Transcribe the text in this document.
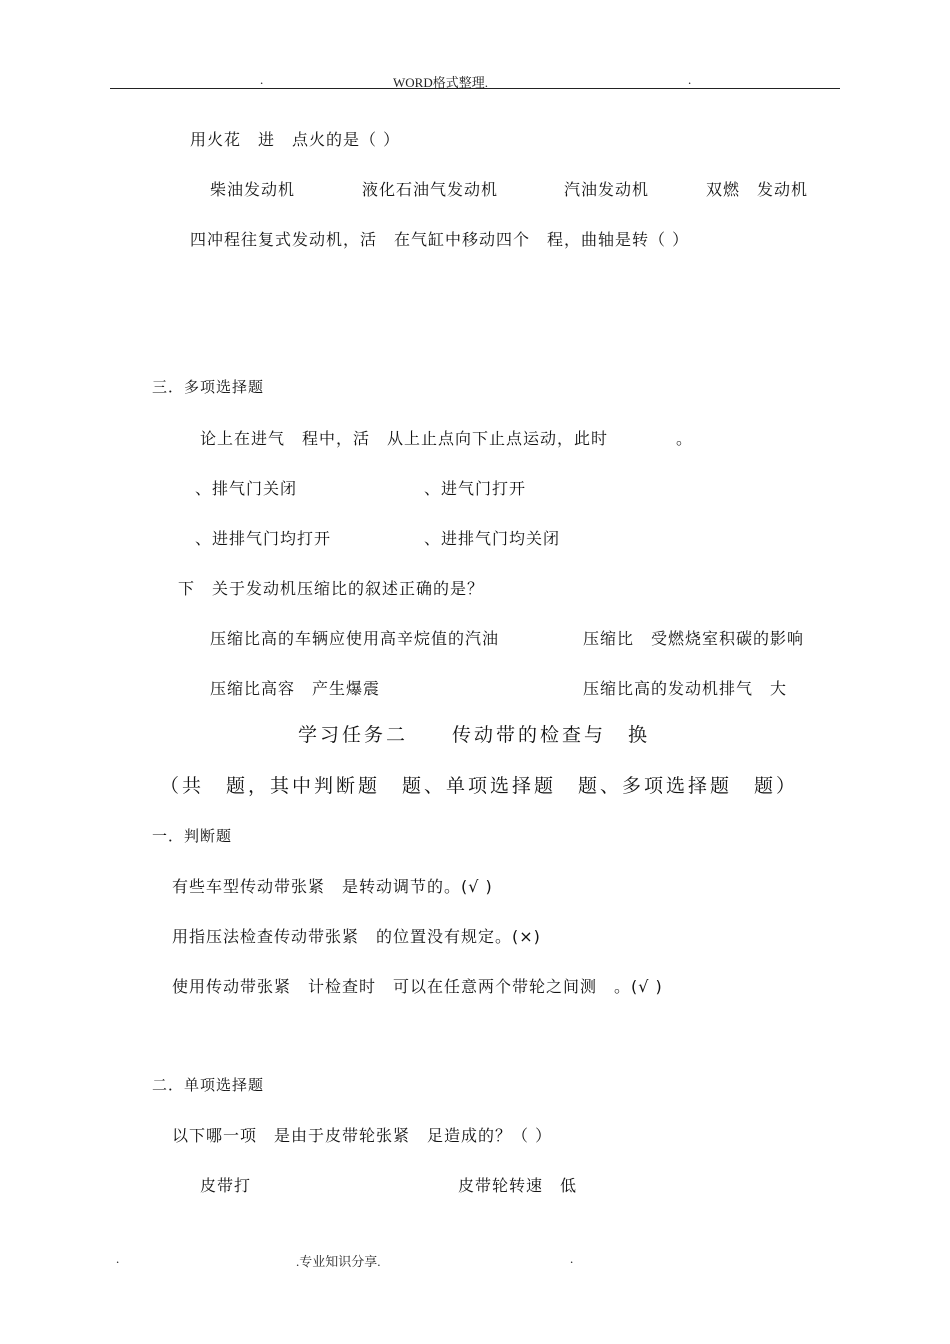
.	WORD格式整理.	.
用火花　进　点火的是（ ）
柴油发动机	液化石油气发动机	汽油发动机	双燃　发动机
四冲程往复式发动机，活　在气缸中移动四个　程，曲轴是转（ ）
三．多项选择题
论上在进气　程中，活　从上止点向下止点运动，此时　　　　。
、排气门关闭	、进气门打开
、进排气门均打开	、进排气门均关闭
下　关于发动机压缩比的叙述正确的是？
压缩比高的车辆应使用高辛烷值的汽油	压缩比　受燃烧室积碳的影响
压缩比高容　产生爆震	压缩比高的发动机排气　大
学习任务二　　传动带的检查与　换
（共　题，其中判断题　题、单项选择题　题、多项选择题　题）
一．判断题
有些车型传动带张紧　是转动调节的。(√ )
用指压法检查传动带张紧　的位置没有规定。(×)
使用传动带张紧　计检查时　可以在任意两个带轮之间测　。(√ )
二．单项选择题
以下哪一项　是由于皮带轮张紧　足造成的？（ ）
皮带打	皮带轮转速　低
.	.专业知识分享.	.
